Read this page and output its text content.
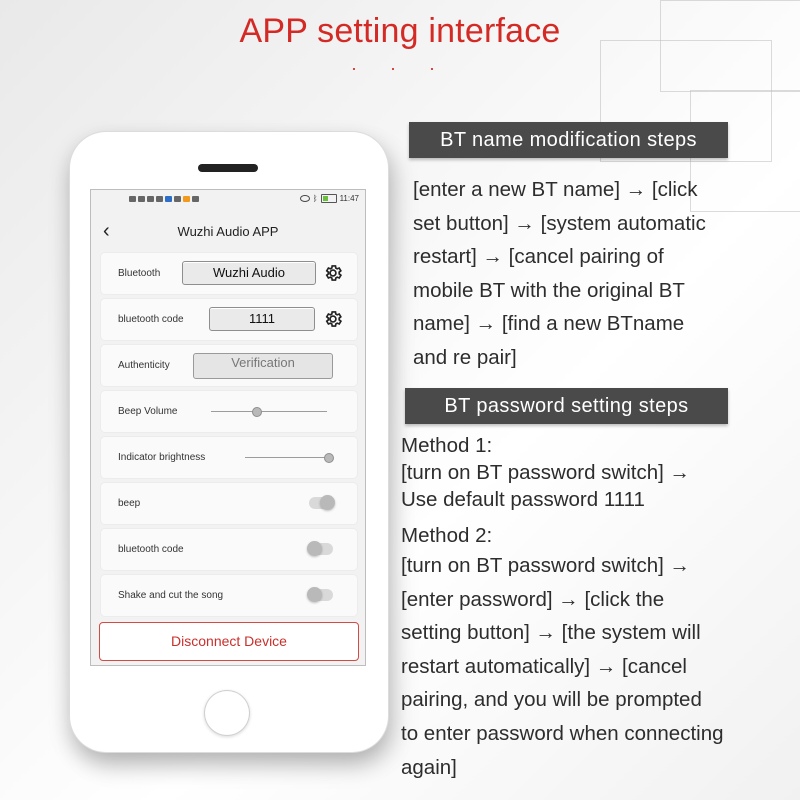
APP setting interface
· · ·
ᛒ	11:47
‹	Wuzhi Audio APP
Bluetooth	Wuzhi Audio
bluetooth code	1111
Authenticity	Verification
Beep Volume
Indicator brightness
beep
bluetooth code
Shake and cut the song
Disconnect Device
BT name modification steps
[enter a new BT name] → [click
set button] → [system automatic
restart] → [cancel pairing of
mobile BT with the original BT
name] → [find a new BTname
and re pair]
BT password setting steps
Method 1:
[turn on BT password switch] →
Use default password 1111
Method 2:
[turn on BT password switch] →
[enter password] → [click the
setting button] → [the system will
restart automatically] → [cancel
pairing, and you will be prompted
to enter password when connecting
again]
